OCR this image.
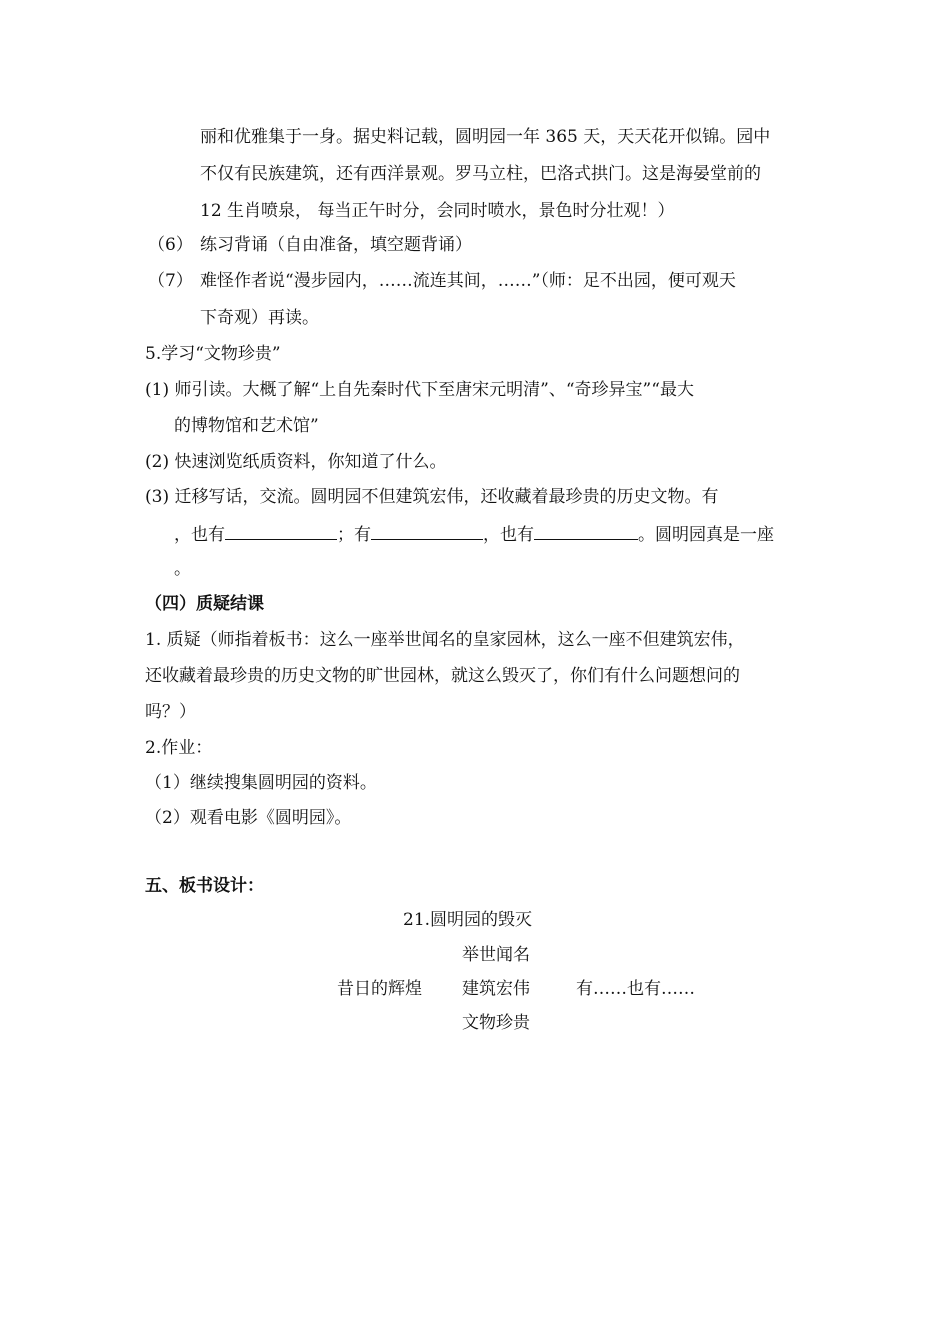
丽和优雅集于一身。据史料记载，圆明园一年 365 天，天天花开似锦。园中

不仅有民族建筑，还有西洋景观。罗马立柱，巴洛式拱门。这是海晏堂前的

12 生肖喷泉， 每当正午时分，会同时喷水，景色时分壮观！）

（6） 练习背诵（自由准备，填空题背诵）

（7） 难怪作者说“漫步园内，……流连其间，……”（师：足不出园，便可观天

下奇观）再读。

5.学习“文物珍贵”

(1) 师引读。大概了解“上自先秦时代下至唐宋元明清”、“奇珍异宝”“最大

的博物馆和艺术馆”

(2) 快速浏览纸质资料，你知道了什么。

(3) 迁移写话，交流。圆明园不但建筑宏伟，还收藏着最珍贵的历史文物。有

，也有	；有	，也有	。圆明园真是一座

。

（四）质疑结课

1. 质疑（师指着板书：这么一座举世闻名的皇家园林，这么一座不但建筑宏伟，

还收藏着最珍贵的历史文物的旷世园林，就这么毁灭了，你们有什么问题想问的

吗？）

2.作业：

（1）继续搜集圆明园的资料。

（2）观看电影《圆明园》。

五、板书设计：

21.圆明园的毁灭

举世闻名

昔日的辉煌 建筑宏伟	有……也有……

文物珍贵
